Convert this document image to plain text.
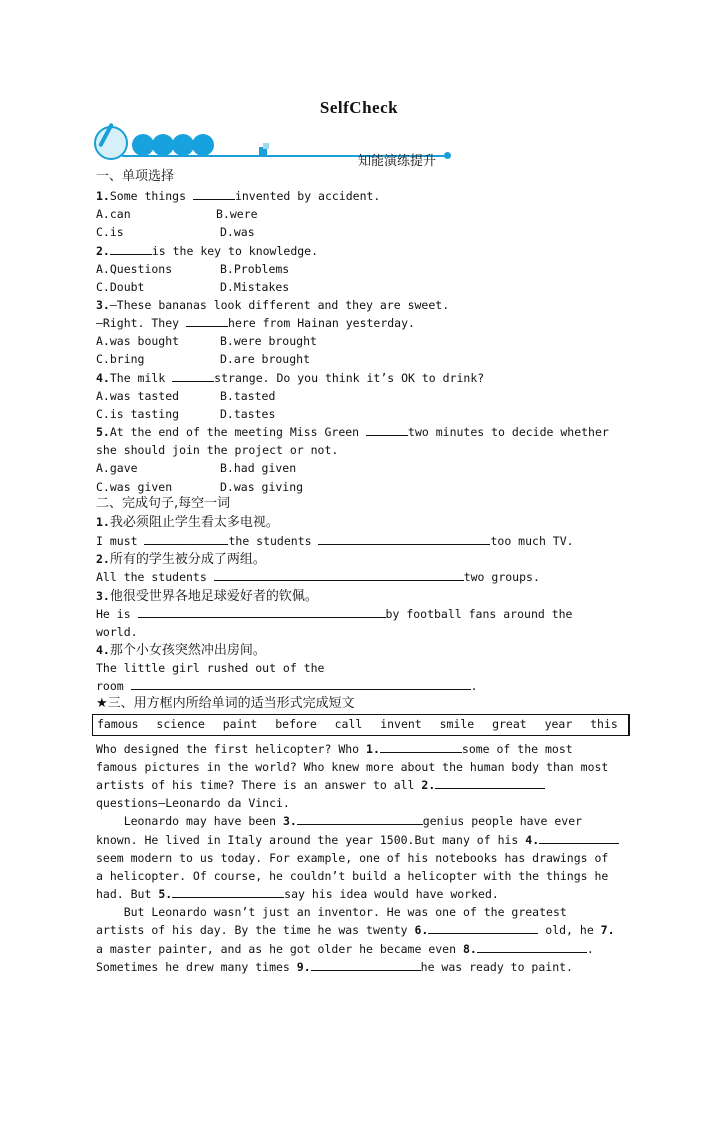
SelfCheck
知能演练提升
一、单项选择
1.Some things	invented by accident.
A.can	B.were
C.is	D.was
2.	is the key to knowledge.
A.Questions	B.Problems
C.Doubt	D.Mistakes
3.—These bananas look different and they are sweet.
—Right. They	here from Hainan yesterday.
A.was bought	B.were brought
C.bring	D.are brought
4.The milk	strange. Do you think it’s OK to drink?
A.was tasted	B.tasted
C.is tasting	D.tastes
5.At the end of the meeting Miss Green	two minutes to decide whether
she should join the project or not.
A.gave	B.had given
C.was given	D.was giving
二、完成句子,每空一词
1.我必须阻止学生看太多电视。
I must	the students	too much TV.
2.所有的学生被分成了两组。
All the students	two groups.
3.他很受世界各地足球爱好者的钦佩。
He is	by football fans around the
world.
4.那个小女孩突然冲出房间。
The little girl rushed out of the
room	.
★三、用方框内所给单词的适当形式完成短文
famous science paint before call invent smile great year this
Who designed the first helicopter? Who 1.	some of the most
famous pictures in the world? Who knew more about the human body than most
artists of his time? There is an answer to all 2.
questions—Leonardo da Vinci.
Leonardo may have been 3.	genius people have ever
known. He lived in Italy around the year 1500.But many of his 4.
seem modern to us today. For example, one of his notebooks has drawings of
a helicopter. Of course, he couldn’t build a helicopter with the things he
had. But 5.	say his idea would have worked.
But Leonardo wasn’t just an inventor. He was one of the greatest
artists of his day. By the time he was twenty 6.	old, he 7.
a master painter, and as he got older he became even 8.	.
Sometimes he drew many times 9.	he was ready to paint.
